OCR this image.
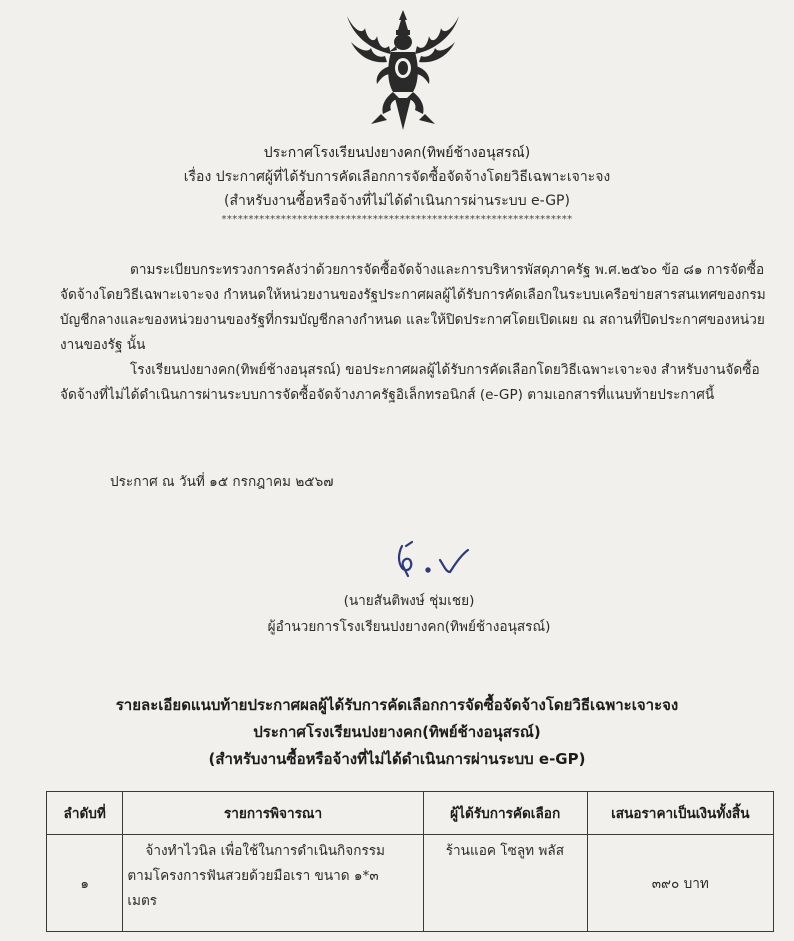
ประกาศโรงเรียนปงยางคก(ทิพย์ช้างอนุสรณ์)
เรื่อง ประกาศผู้ที่ได้รับการคัดเลือกการจัดซื้อจัดจ้างโดยวิธีเฉพาะเจาะจง
(สำหรับงานซื้อหรือจ้างที่ไม่ได้ดำเนินการผ่านระบบ e-GP)
*****************************************************************
ตามระเบียบกระทรวงการคลังว่าด้วยการจัดซื้อจัดจ้างและการบริหารพัสดุภาครัฐ พ.ศ.๒๕๖๐ ข้อ ๘๑ การจัดซื้อจัดจ้างโดยวิธีเฉพาะเจาะจง กำหนดให้หน่วยงานของรัฐประกาศผลผู้ได้รับการคัดเลือกในระบบเครือข่ายสารสนเทศของกรมบัญชีกลางและของหน่วยงานของรัฐที่กรมบัญชีกลางกำหนด และให้ปิดประกาศโดยเปิดเผย ณ สถานที่ปิดประกาศของหน่วยงานของรัฐ นั้น
โรงเรียนปงยางคก(ทิพย์ช้างอนุสรณ์) ขอประกาศผลผู้ได้รับการคัดเลือกโดยวิธีเฉพาะเจาะจง สำหรับงานจัดซื้อจัดจ้างที่ไม่ได้ดำเนินการผ่านระบบการจัดซื้อจัดจ้างภาครัฐอิเล็กทรอนิกส์ (e-GP) ตามเอกสารที่แนบท้ายประกาศนี้
ประกาศ ณ วันที่ ๑๕ กรกฎาคม ๒๕๖๗
(นายสันติพงษ์ ชุ่มเชย)
ผู้อำนวยการโรงเรียนปงยางคก(ทิพย์ช้างอนุสรณ์)
รายละเอียดแนบท้ายประกาศผลผู้ได้รับการคัดเลือกการจัดซื้อจัดจ้างโดยวิธีเฉพาะเจาะจง
ประกาศโรงเรียนปงยางคก(ทิพย์ช้างอนุสรณ์)
(สำหรับงานซื้อหรือจ้างที่ไม่ได้ดำเนินการผ่านระบบ e-GP)
ลำดับที่	รายการพิจารณา	ผู้ได้รับการคัดเลือก	เสนอราคาเป็นเงินทั้งสิ้น
๑	จ้างทำไวนิล เพื่อใช้ในการดำเนินกิจกรรม
ตามโครงการฟันสวยด้วยมือเรา ขนาด ๑*๓
เมตร	ร้านแอค โซลูท พลัส	๓๙๐ บาท
